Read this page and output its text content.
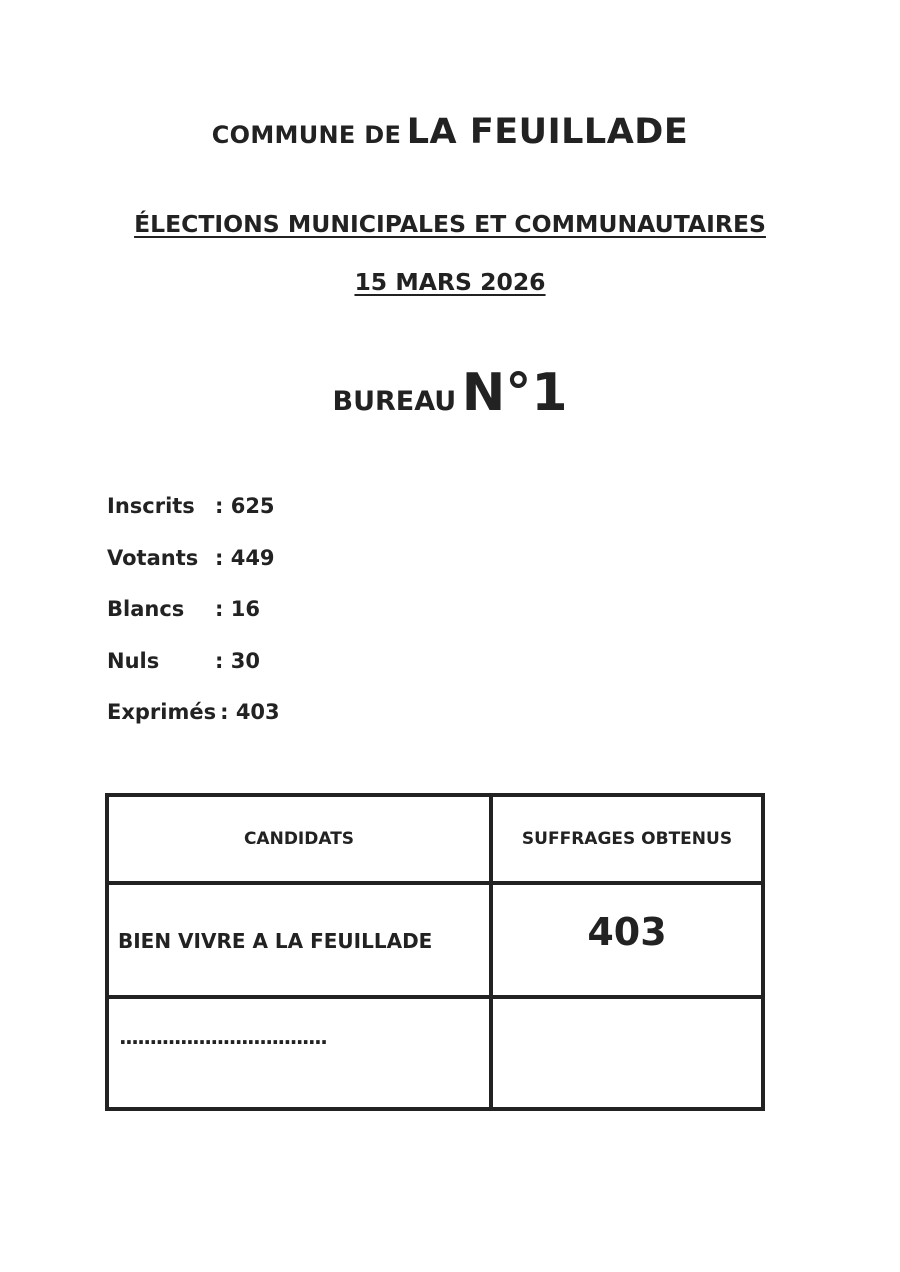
COMMUNE DE LA FEUILLADE
ÉLECTIONS MUNICIPALES ET COMMUNAUTAIRES
15 MARS 2026
BUREAU N°1
Inscrits : 625
Votants : 449
Blancs : 16
Nuls	: 30
Exprimés : 403
CANDIDATS	SUFFRAGES OBTENUS
BIEN VIVRE A LA FEUILLADE	403
..................................
